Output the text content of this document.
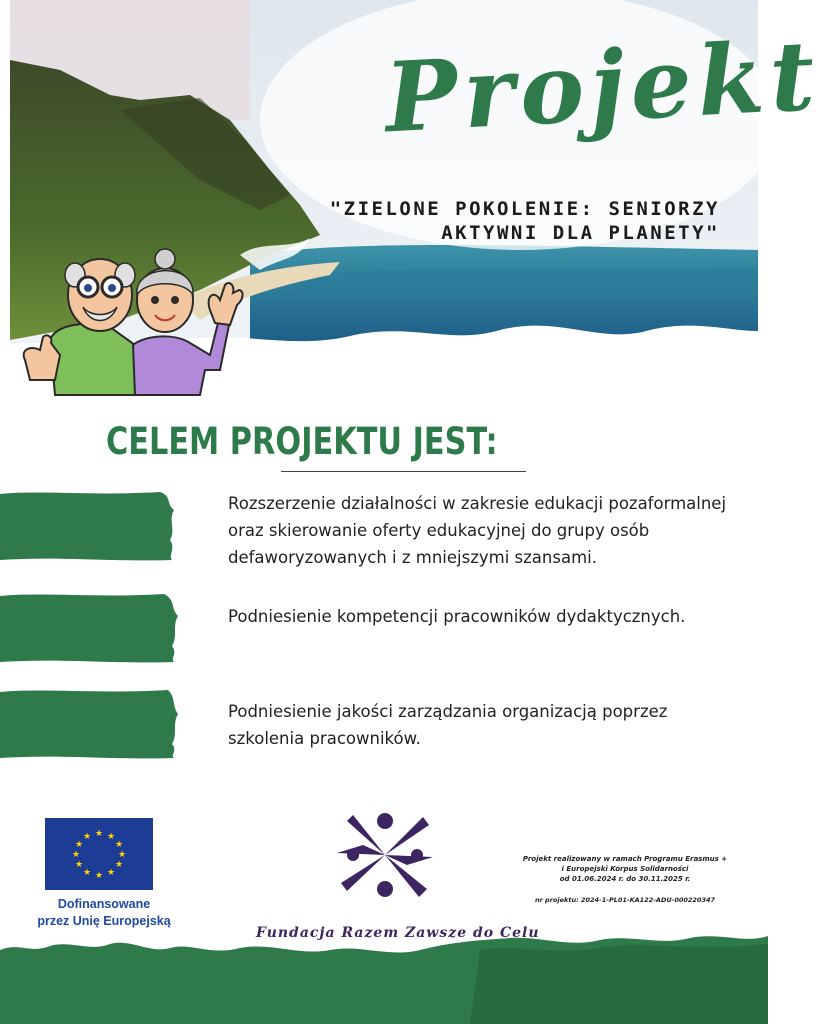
Projekt
"ZIELONE POKOLENIE: SENIORZY
AKTYWNI DLA PLANETY"
CELEM PROJEKTU JEST:
Rozszerzenie działalności w zakresie edukacji pozaformalnej oraz skierowanie oferty edukacyjnej do grupy osób defaworyzowanych i z mniejszymi szansami.
Podniesienie kompetencji pracowników dydaktycznych.
Podniesienie jakości zarządzania organizacją poprzez szkolenia pracowników.
★ ★
★
★
★
★
★
★
★
★
★
★
Dofinansowane
przez Unię Europejską
Fundacja Razem Zawsze do Celu
Projekt realizowany w ramach Programu Erasmus +
i Europejski Korpus Solidarności
od 01.06.2024 r. do 30.11.2025 r.
nr projektu: 2024-1-PL01-KA122-ADU-000220347
